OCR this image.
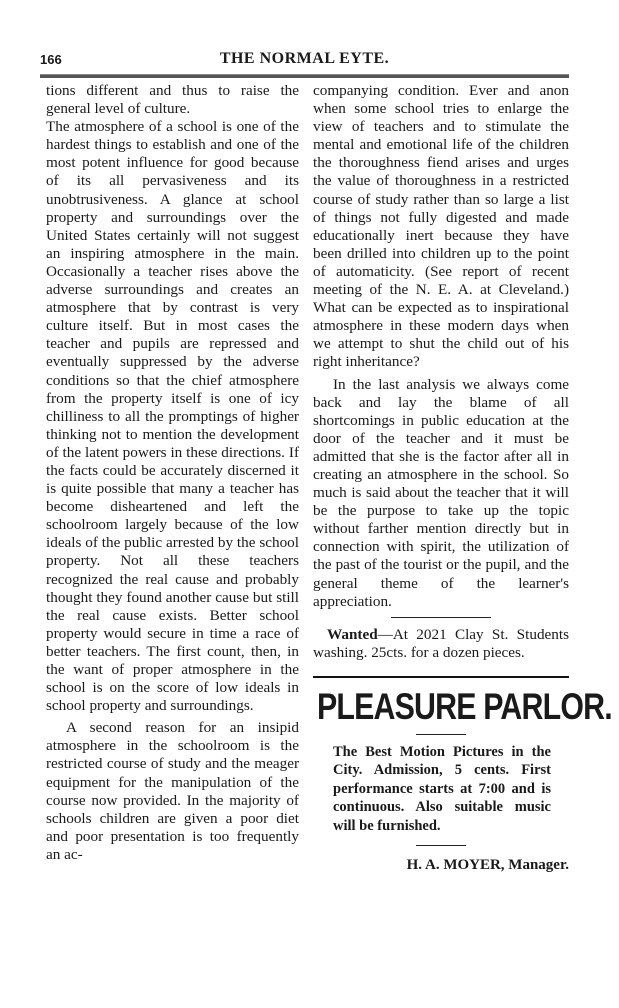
166	THE NORMAL EYTE.

tions different and thus to raise the general level of culture.

The atmosphere of a school is one of the hardest things to establish and one of the most potent influence for good because of its all pervasiveness and its unobtrusiveness. A glance at school property and surroundings over the United States certainly will not suggest an inspiring atmosphere in the main. Occasionally a teacher rises above the adverse surroundings and creates an atmosphere that by contrast is very culture itself. But in most cases the teacher and pupils are repressed and eventually suppressed by the adverse conditions so that the chief atmosphere from the property itself is one of icy chilliness to all the promptings of higher thinking not to mention the development of the latent powers in these directions. If the facts could be accurately discerned it is quite possible that many a teacher has become disheartened and left the schoolroom largely because of the low ideals of the public arrested by the school property. Not all these teachers recognized the real cause and probably thought they found another cause but still the real cause exists. Better school property would secure in time a race of better teachers. The first count, then, in the want of proper atmosphere in the school is on the score of low ideals in school property and surroundings.

A second reason for an insipid atmosphere in the schoolroom is the restricted course of study and the meager equipment for the manipulation of the course now provided. In the majority of schools children are given a poor diet and poor presentation is too frequently an ac-

companying condition. Ever and anon when some school tries to enlarge the view of teachers and to stimulate the mental and emotional life of the children the thoroughness fiend arises and urges the value of thoroughness in a restricted course of study rather than so large a list of things not fully digested and made educationally inert because they have been drilled into children up to the point of automaticity. (See report of recent meeting of the N. E. A. at Cleveland.) What can be expected as to inspirational atmosphere in these modern days when we attempt to shut the child out of his right inheritance?

In the last analysis we always come back and lay the blame of all shortcomings in public education at the door of the teacher and it must be admitted that she is the factor after all in creating an atmosphere in the school. So much is said about the teacher that it will be the purpose to take up the topic without farther mention directly but in connection with spirit, the utilization of the past of the tourist or the pupil, and the general theme of the learner's appreciation.

Wanted—At 2021 Clay St. Students washing. 25cts. for a dozen pieces.

PLEASURE PARLOR.
The Best Motion Pictures in the City. Admission, 5 cents. First performance starts at 7:00 and is continuous. Also suitable music will be furnished.
H. A. MOYER, Manager.
